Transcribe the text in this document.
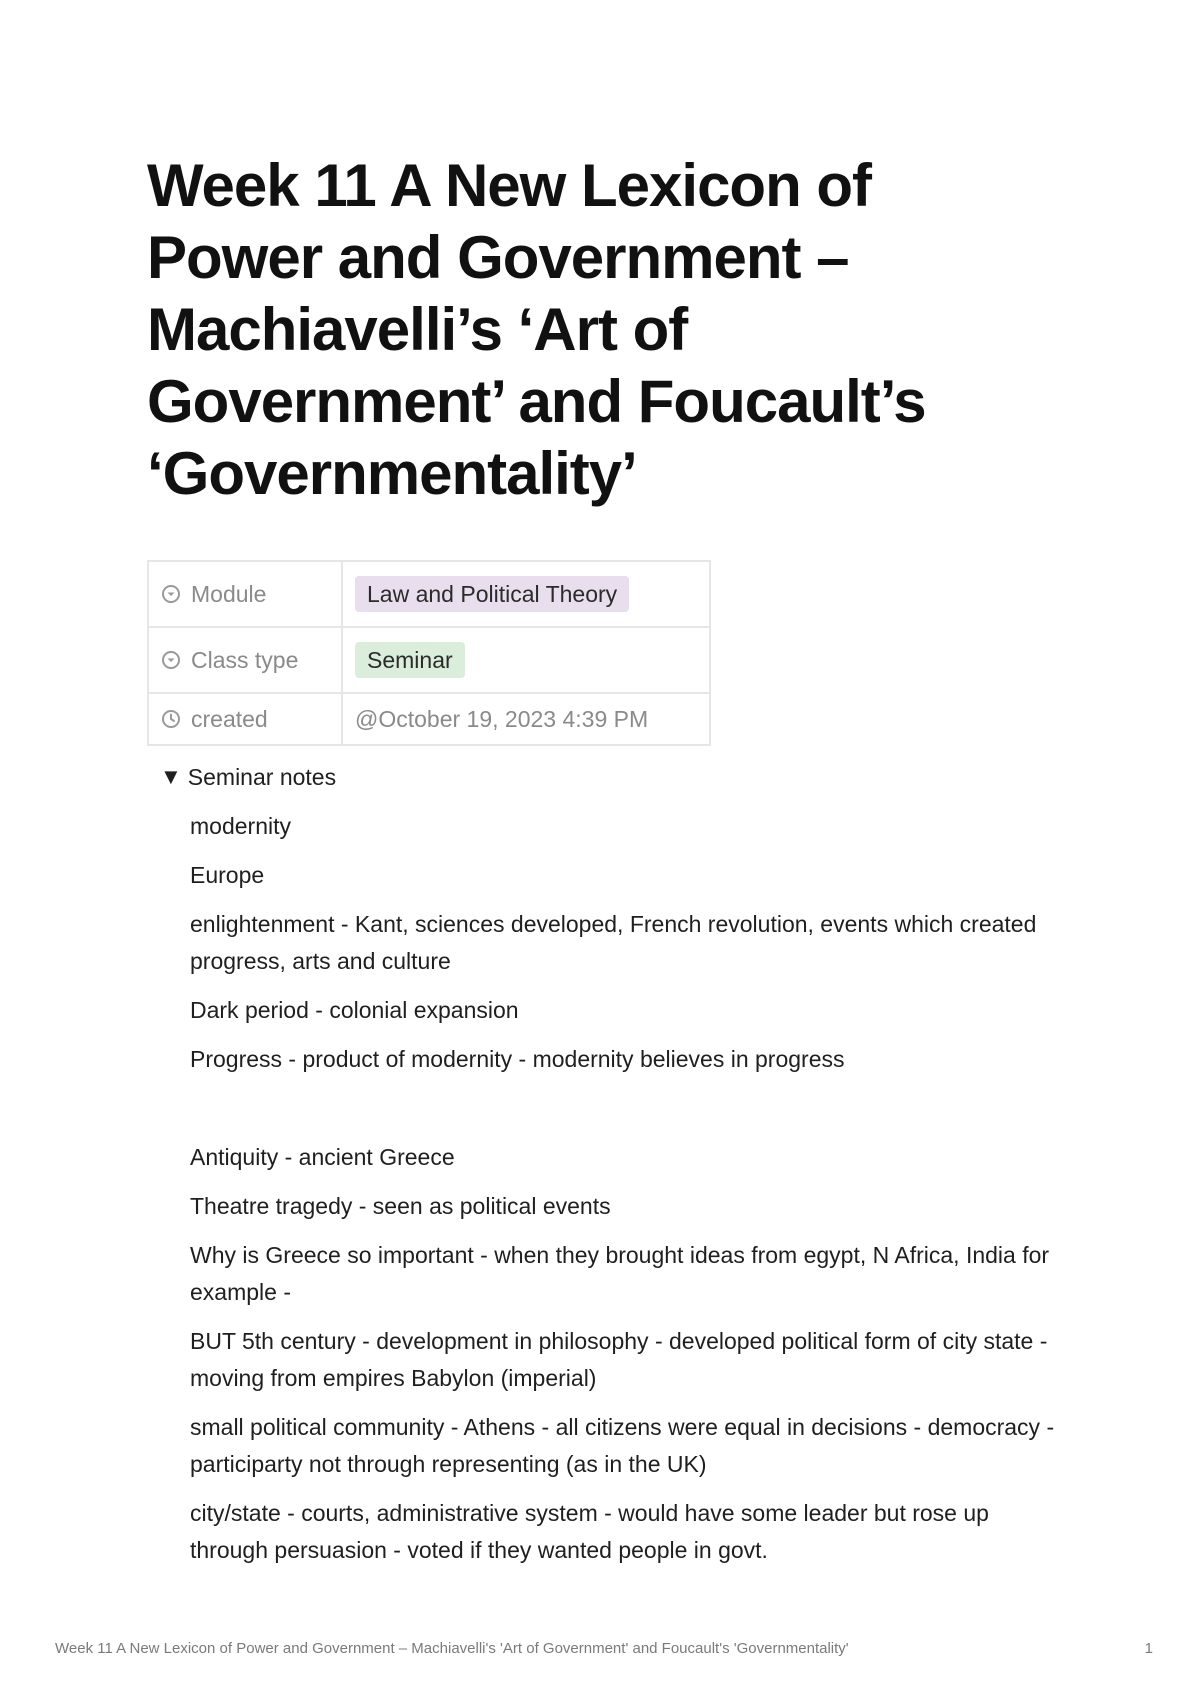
Week 11 A New Lexicon of Power and Government – Machiavelli’s ‘Art of Government’ and Foucault’s ‘Governmentality’
Module	Law and Political Theory

Class type	Seminar

created	@October 19, 2023 4:39 PM
▼ Seminar notes

modernity

Europe

enlightenment - Kant, sciences developed, French revolution, events which created progress, arts and culture

Dark period - colonial expansion

Progress - product of modernity - modernity believes in progress

Antiquity - ancient Greece

Theatre tragedy - seen as political events

Why is Greece so important - when they brought ideas from egypt, N Africa, India for example -

BUT 5th century - development in philosophy - developed political form of city state - moving from empires Babylon (imperial)

small political community - Athens - all citizens were equal in decisions - democracy - participarty not through representing (as in the UK)

city/state - courts, administrative system - would have some leader but rose up through persuasion - voted if they wanted people in govt.

Week 11 A New Lexicon of Power and Government – Machiavelli's 'Art of Government' and Foucault's 'Governmentality'	1
